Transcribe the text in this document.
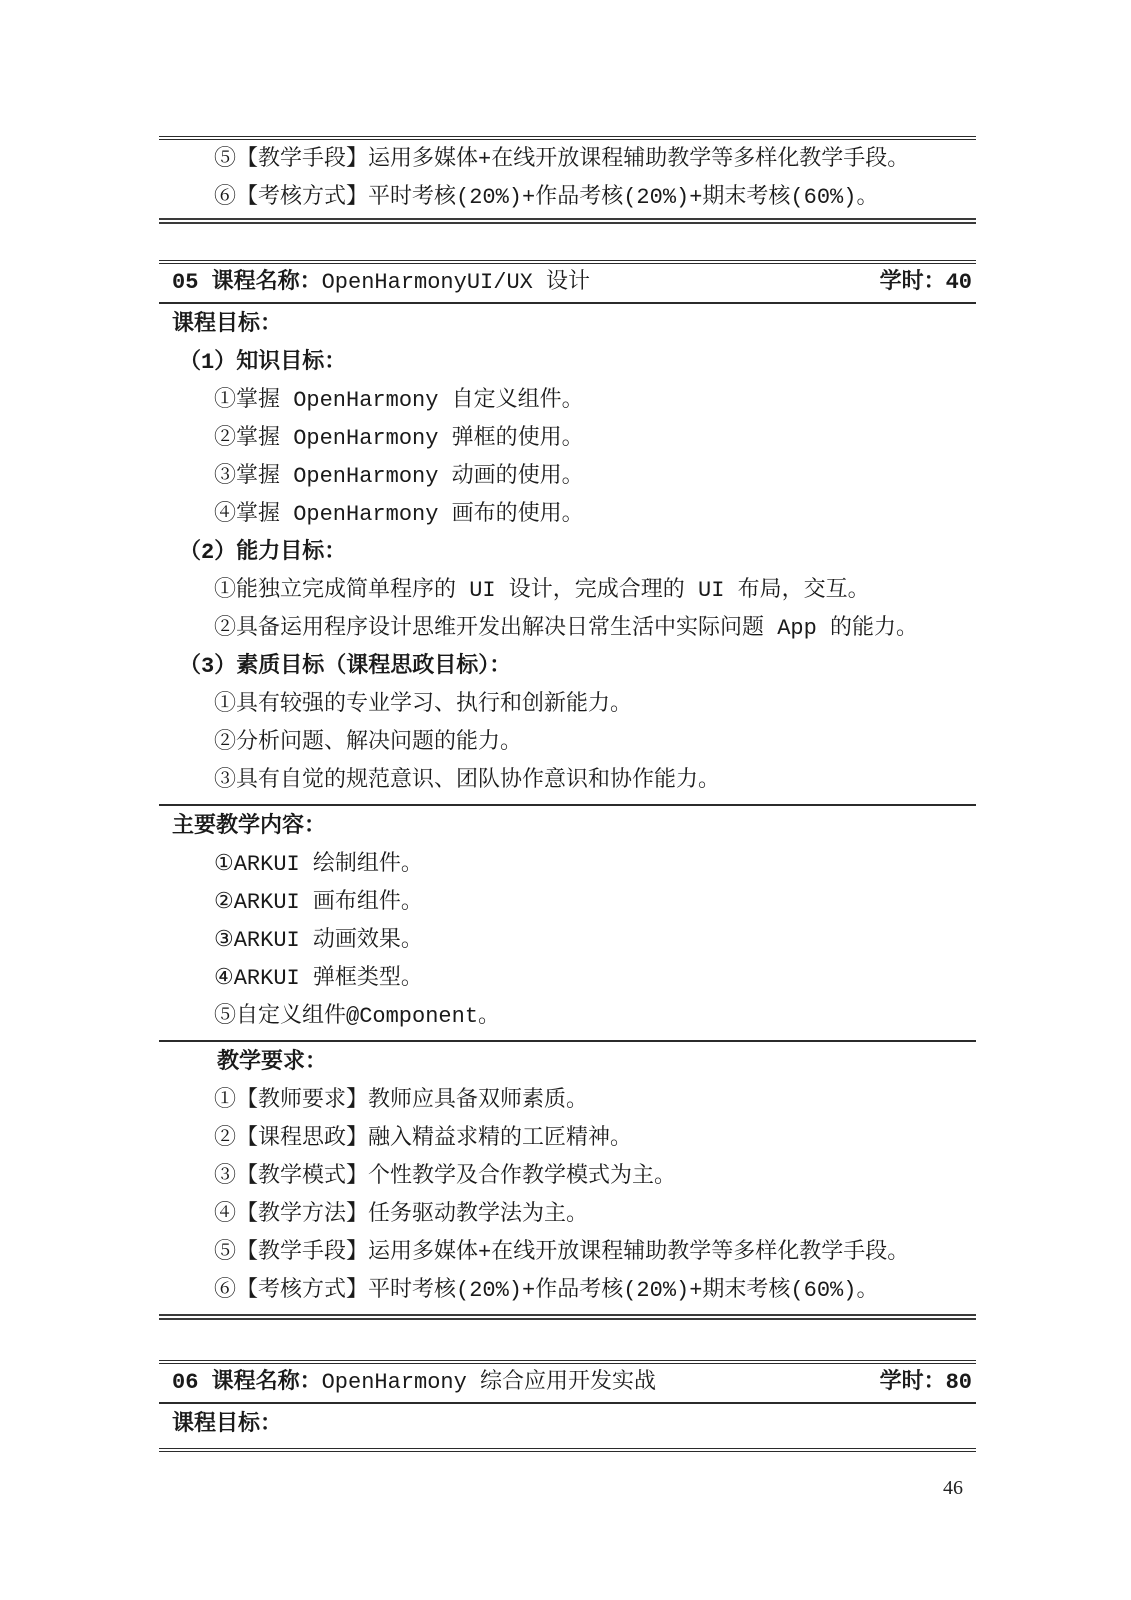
⑤【教学手段】运用多媒体+在线开放课程辅助教学等多样化教学手段。

⑥【考核方式】平时考核(20%)+作品考核(20%)+期末考核(60%)。

05 课程名称：OpenHarmonyUI/UX 设计	学时：40

课程目标：

（1）知识目标：

①掌握 OpenHarmony 自定义组件。

②掌握 OpenHarmony 弹框的使用。

③掌握 OpenHarmony 动画的使用。

④掌握 OpenHarmony 画布的使用。

（2）能力目标：

①能独立完成简单程序的 UI 设计，完成合理的 UI 布局，交互。

②具备运用程序设计思维开发出解决日常生活中实际问题 App 的能力。

（3）素质目标（课程思政目标）：

①具有较强的专业学习、执行和创新能力。

②分析问题、解决问题的能力。

③具有自觉的规范意识、团队协作意识和协作能力。

主要教学内容：

①ARKUI 绘制组件。

②ARKUI 画布组件。

③ARKUI 动画效果。

④ARKUI 弹框类型。

⑤自定义组件@Component。

教学要求：

①【教师要求】教师应具备双师素质。

②【课程思政】融入精益求精的工匠精神。

③【教学模式】个性教学及合作教学模式为主。

④【教学方法】任务驱动教学法为主。

⑤【教学手段】运用多媒体+在线开放课程辅助教学等多样化教学手段。

⑥【考核方式】平时考核(20%)+作品考核(20%)+期末考核(60%)。

06 课程名称：OpenHarmony 综合应用开发实战	学时：80

课程目标：

46
